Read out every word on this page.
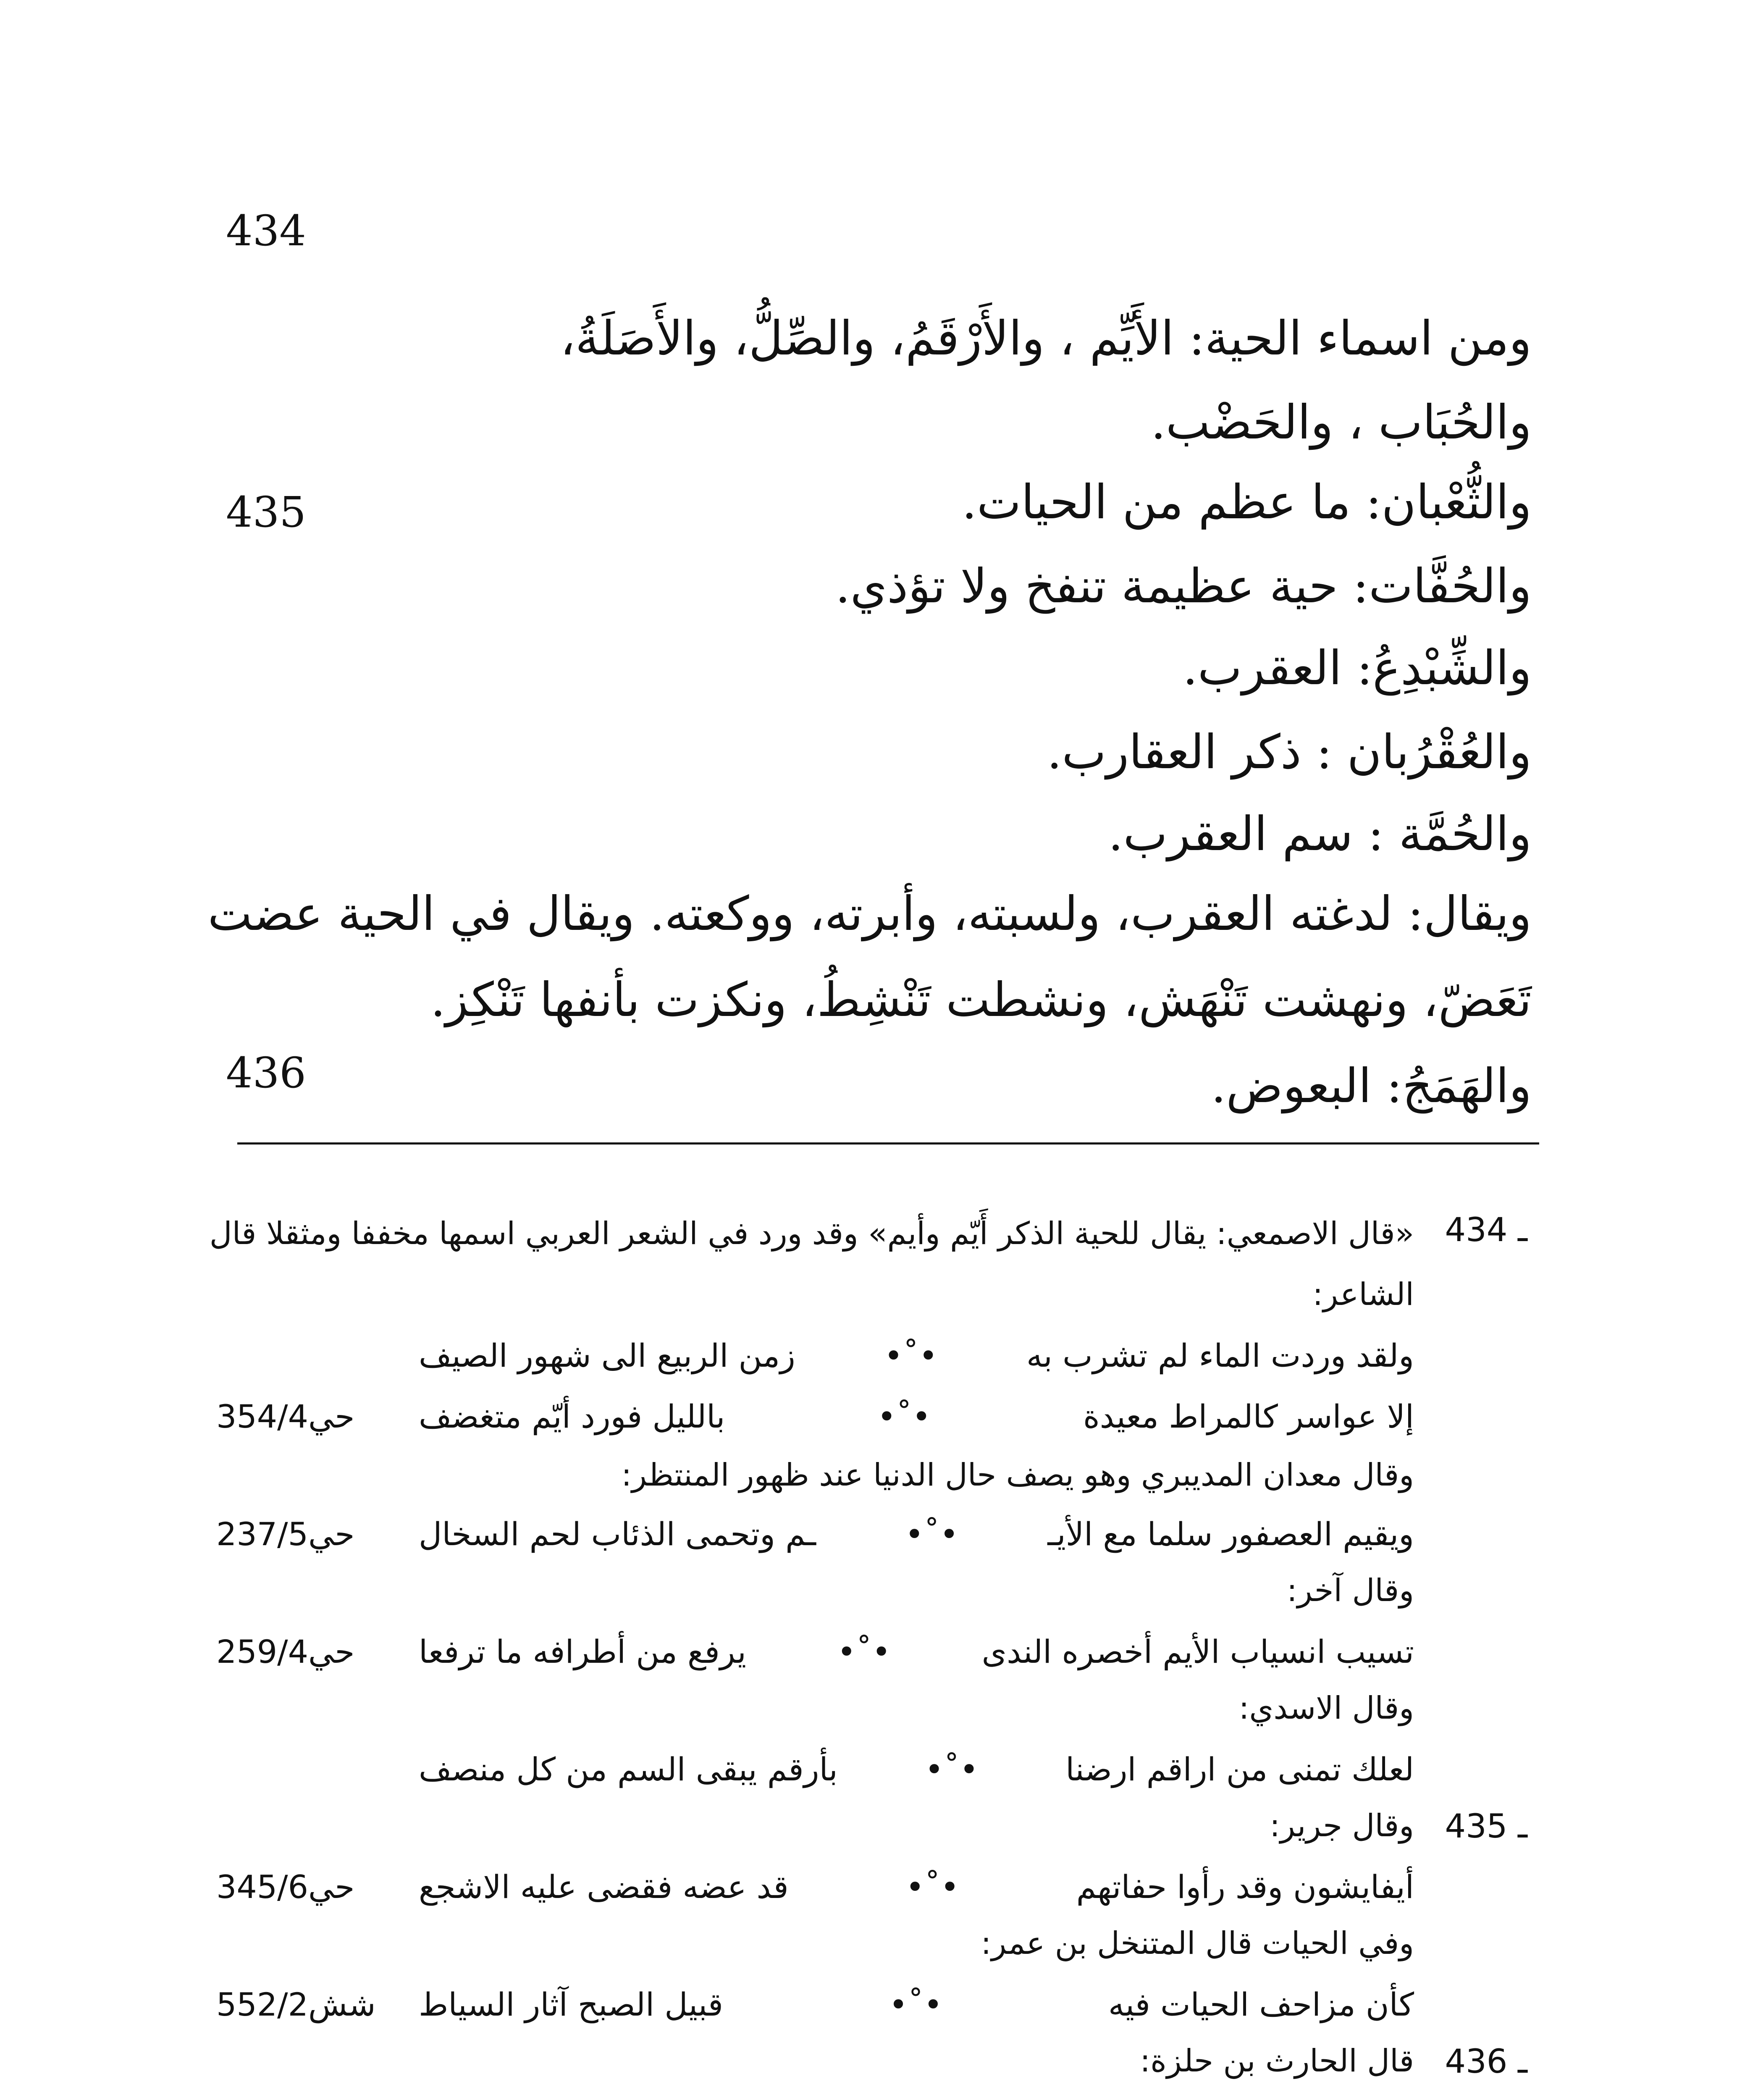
ومن اسماء الحية: الأَيِّم ، والأَرْقَمُ، والصِّلُّ، والأَصَلَةُ،
والحُبَاب ، والحَضْب.
والثُّعْبان: ما عظم من الحيات.
والحُفَّات: حية عظيمة تنفخ ولا تؤذي.
والشِّبْدِعُ: العقرب.
والعُقْرُبان : ذكر العقارب.
والحُمَّة : سم العقرب.
ويقال: لدغته العقرب، ولسبته، وأبرته، ووكعته. ويقال في الحية عضت
تَعَضّ، ونهشت تَنْهَش، ونشطت تَنْشِطُ، ونكزت بأنفها تَنْكِز.
والهَمَجُ: البعوض.
434
435
436
434 ـ
«قال الاصمعي: يقال للحية الذكر أَيّم وأيم» وقد ورد في الشعر العربي اسمها مخففا ومثقلا قال
الشاعر:
ولقد وردت الماء لم تشرب به
•˚•
زمن الربيع الى شهور الصيف
إلا عواسر كالمراط معيدة
•˚•
بالليل فورد أيّم متغضف
حي354/4
وقال معدان المديبري وهو يصف حال الدنيا عند ظهور المنتظر:
ويقيم العصفور سلما مع الأيـ
•˚•
ـم وتحمى الذئاب لحم السخال
حي237/5
وقال آخر:
تسيب انسياب الأيم أخصره الندى
•˚•
يرفع من أطرافه ما ترفعا
حي259/4
وقال الاسدي:
لعلك تمنى من اراقم ارضنا
•˚•
بأرقم يبقى السم من كل منصف
435 ـ
وقال جرير:
أيفايشون وقد رأوا حفاتهم
•˚•
قد عضه فقضى عليه الاشجع
حي345/6
وفي الحيات قال المتنخل بن عمر:
كأن مزاحف الحيات فيه
•˚•
قبيل الصبح آثار السياط
شش552/2
436 ـ
قال الحارث بن حلزة:
